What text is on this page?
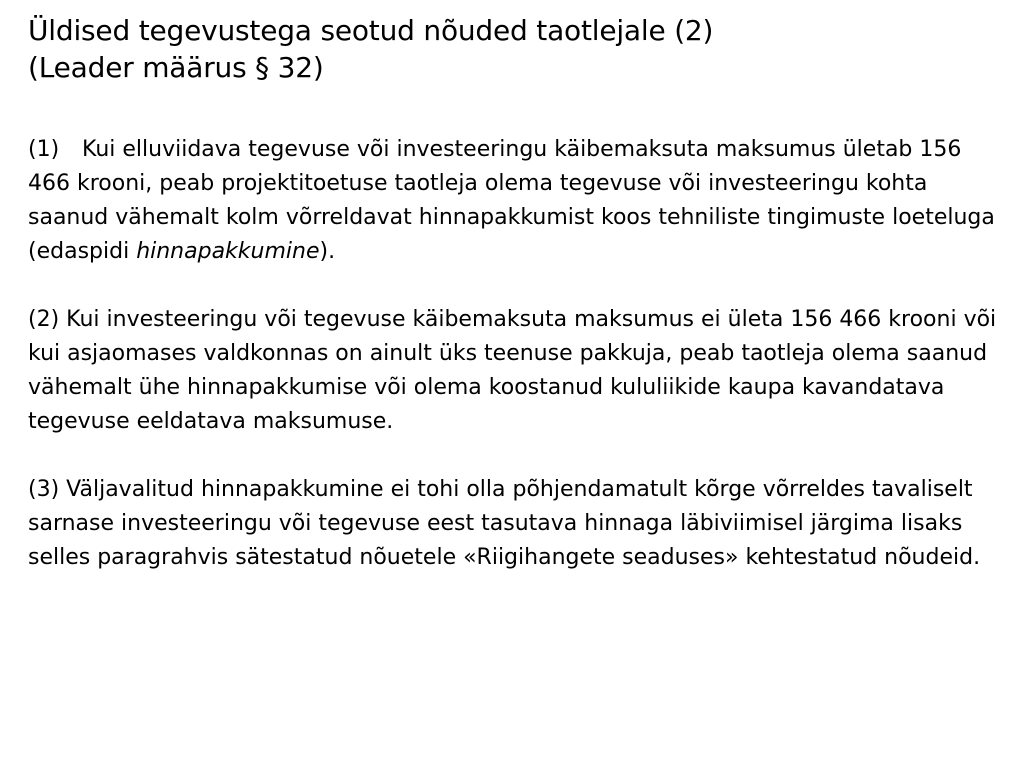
Üldised tegevustega seotud nõuded taotlejale (2)
(Leader määrus § 32)

(1) Kui elluviidava tegevuse või investeeringu käibemaksuta maksumus ületab 156 466 krooni, peab projektitoetuse taotleja olema tegevuse või investeeringu kohta saanud vähemalt kolm võrreldavat hinnapakkumist koos tehniliste tingimuste loeteluga (edaspidi hinnapakkumine).

(2) Kui investeeringu või tegevuse käibemaksuta maksumus ei ületa 156 466 krooni või kui asjaomases valdkonnas on ainult üks teenuse pakkuja, peab taotleja olema saanud vähemalt ühe hinnapakkumise või olema koostanud kululiikide kaupa kavandatava tegevuse eeldatava maksumuse.

(3) Väljavalitud hinnapakkumine ei tohi olla põhjendamatult kõrge võrreldes tavaliselt sarnase investeeringu või tegevuse eest tasutava hinnaga läbiviimisel järgima lisaks selles paragrahvis sätestatud nõuetele «Riigihangete seaduses» kehtestatud nõudeid.
